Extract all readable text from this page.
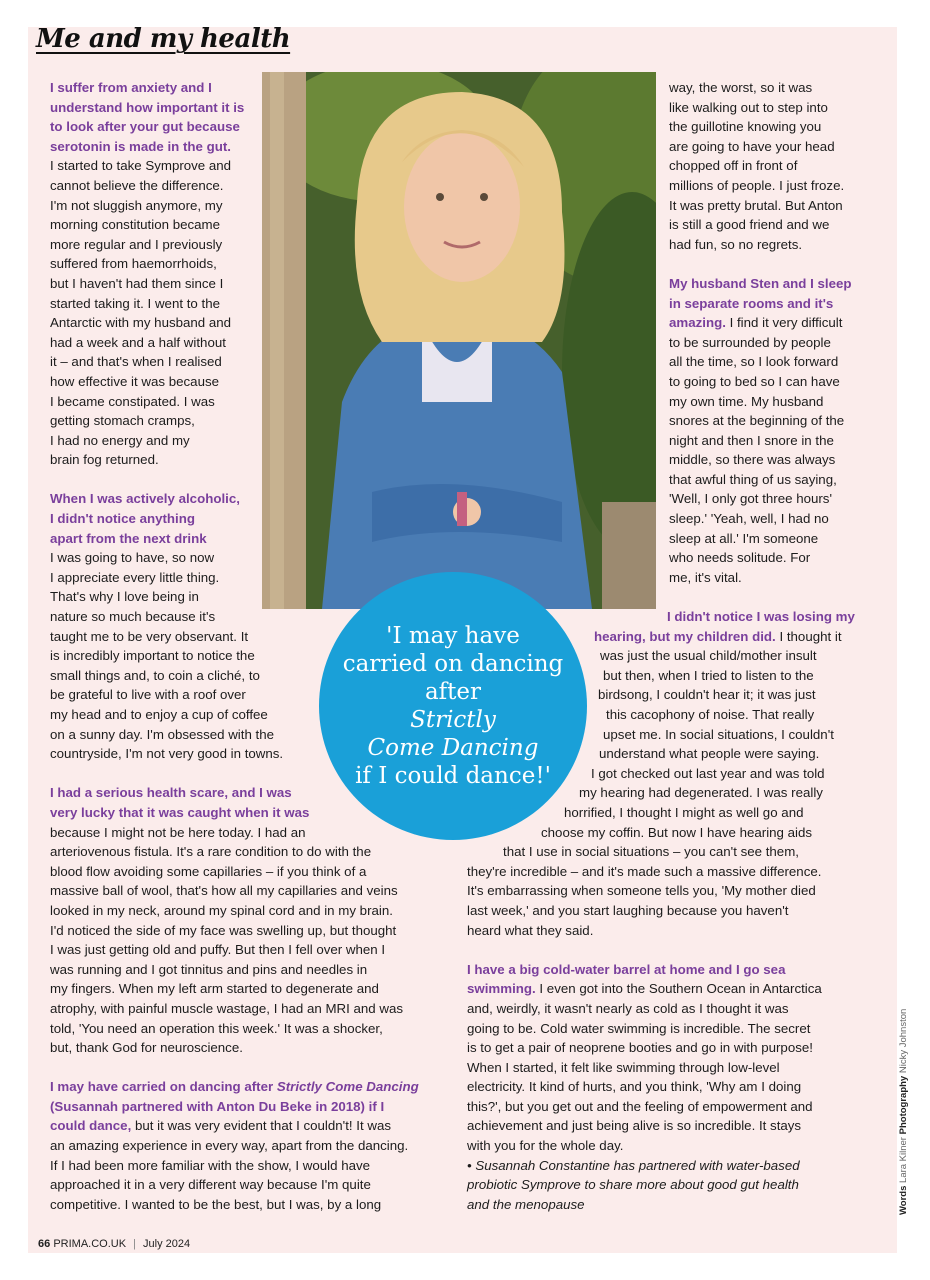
Me and my health

I suffer from anxiety and I
understand how important it is
to look after your gut because
serotonin is made in the gut.
I started to take Symprove and
cannot believe the difference.
I'm not sluggish anymore, my
morning constitution became
more regular and I previously
suffered from haemorrhoids,
but I haven't had them since I
started taking it. I went to the
Antarctic with my husband and
had a week and a half without
it – and that's when I realised
how effective it was because
I became constipated. I was
getting stomach cramps,
I had no energy and my
brain fog returned.

When I was actively alcoholic,
I didn't notice anything
apart from the next drink
I was going to have, so now
I appreciate every little thing.
That's why I love being in
nature so much because it's
taught me to be very observant. It
is incredibly important to notice the
small things and, to coin a cliché, to
be grateful to live with a roof over
my head and to enjoy a cup of coffee
on a sunny day. I'm obsessed with the
countryside, I'm not very good in towns.

I had a serious health scare, and I was
very lucky that it was caught when it was
because I might not be here today. I had an
arteriovenous fistula. It's a rare condition to do with the
blood flow avoiding some capillaries – if you think of a
massive ball of wool, that's how all my capillaries and veins
looked in my neck, around my spinal cord and in my brain.
I'd noticed the side of my face was swelling up, but thought
I was just getting old and puffy. But then I fell over when I
was running and I got tinnitus and pins and needles in
my fingers. When my left arm started to degenerate and
atrophy, with painful muscle wastage, I had an MRI and was
told, 'You need an operation this week.' It was a shocker,
but, thank God for neuroscience.

I may have carried on dancing after Strictly Come Dancing
(Susannah partnered with Anton Du Beke in 2018) if I
could dance, but it was very evident that I couldn't! It was
an amazing experience in every way, apart from the dancing.
If I had been more familiar with the show, I would have
approached it in a very different way because I'm quite
competitive. I wanted to be the best, but I was, by a long

way, the worst, so it was
like walking out to step into
the guillotine knowing you
are going to have your head
chopped off in front of
millions of people. I just froze.
It was pretty brutal. But Anton
is still a good friend and we
had fun, so no regrets.

My husband Sten and I sleep
in separate rooms and it's
amazing. I find it very difficult
to be surrounded by people
all the time, so I look forward
to going to bed so I can have
my own time. My husband
snores at the beginning of the
night and then I snore in the
middle, so there was always
that awful thing of us saying,
'Well, I only got three hours'
sleep.' 'Yeah, well, I had no
sleep at all.' I'm someone
who needs solitude. For
me, it's vital.

I didn't notice I was losing my
hearing, but my children did. I thought it
was just the usual child/mother insult
but then, when I tried to listen to the
birdsong, I couldn't hear it; it was just
this cacophony of noise. That really
upset me. In social situations, I couldn't
understand what people were saying.
I got checked out last year and was told
my hearing had degenerated. I was really
horrified, I thought I might as well go and
choose my coffin. But now I have hearing aids
that I use in social situations – you can't see them,
they're incredible – and it's made such a massive difference.
It's embarrassing when someone tells you, 'My mother died
last week,' and you start laughing because you haven't
heard what they said.

I have a big cold-water barrel at home and I go sea
swimming. I even got into the Southern Ocean in Antarctica
and, weirdly, it wasn't nearly as cold as I thought it was
going to be. Cold water swimming is incredible. The secret
is to get a pair of neoprene booties and go in with purpose!
When I started, it felt like swimming through low-level
electricity. It kind of hurts, and you think, 'Why am I doing
this?', but you get out and the feeling of empowerment and
achievement and just being alive is so incredible. It stays
with you for the whole day.

• Susannah Constantine has partnered with water-based
probiotic Symprove to share more about good gut health
and the menopause

'I may have
carried on dancing
after
Strictly
Come Dancing
if I could dance!'
Words Lara Kilner Photography Nicky Johnston
66 PRIMA.CO.UK | July 2024
